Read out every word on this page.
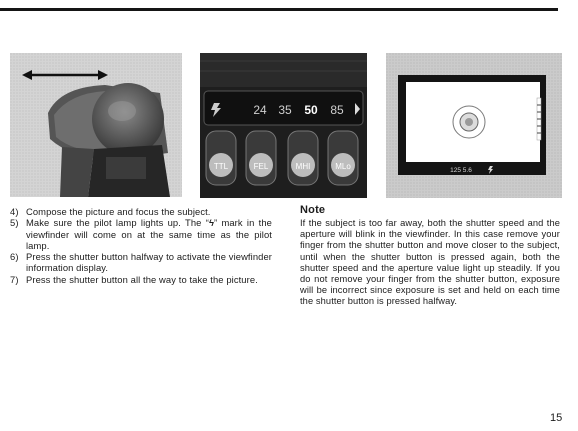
24 35 50 85
TTL	FEL	MHI	MLo	125 5.6
4) Compose the picture and focus the subject.
5) Make sure the pilot lamp lights up. The “ϟ” mark in the viewfinder will come on at the same time as the pilot lamp.
6) Press the shutter button halfway to activate the viewfinder information display.
7) Press the shutter button all the way to take the picture.

Note

If the subject is too far away, both the shutter speed and the aperture will blink in the viewfinder. In this case remove your finger from the shutter button and move closer to the subject, until when the shutter button is pressed again, both the shutter speed and the aperture value light up steadily. If you do not remove your finger from the shutter button, exposure will be incorrect since exposure is set and held on each time the shutter button is pressed halfway.

15
